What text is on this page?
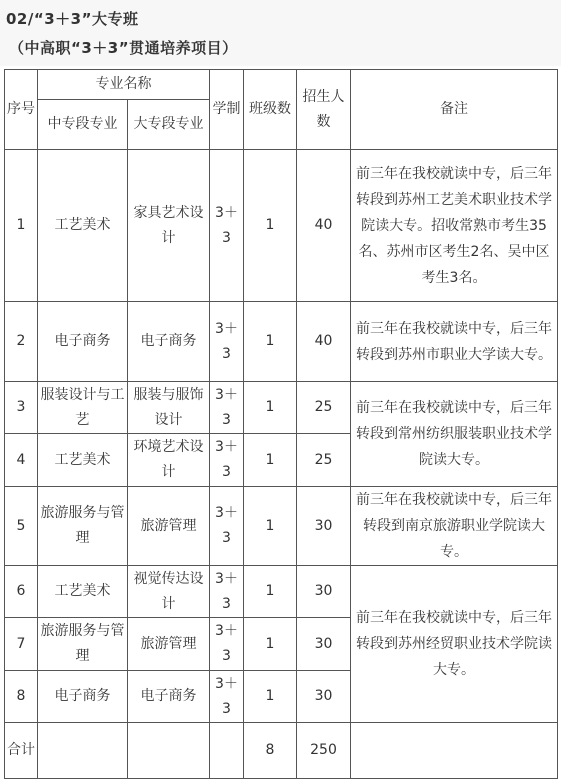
02/“3＋3”大专班
（中高职“3＋3”贯通培养项目）
序号	专业名称		学制	班级数	招生人数	备注
	中专段专业	大专段专业				
1	工艺美术	家具艺术设计	3＋3	1	40	前三年在我校就读中专，后三年转段到苏州工艺美术职业技术学院读大专。招收常熟市考生35名、苏州市区考生2名、吴中区考生3名。
2	电子商务	电子商务	3＋3	1	40	前三年在我校就读中专，后三年转段到苏州市职业大学读大专。
3	服装设计与工艺	服装与服饰设计	3＋3	1	25	前三年在我校就读中专，后三年转段到常州纺织服装职业技术学院读大专。
4	工艺美术	环境艺术设计	3＋3	1	25	
5	旅游服务与管理	旅游管理	3＋3	1	30	前三年在我校就读中专，后三年转段到南京旅游职业学院读大专。
6	工艺美术	视觉传达设计	3＋3	1	30	前三年在我校就读中专，后三年转段到苏州经贸职业技术学院读大专。
7	旅游服务与管理	旅游管理	3＋3	1	30	
8	电子商务	电子商务	3＋3	1	30	
合计				8	250	
